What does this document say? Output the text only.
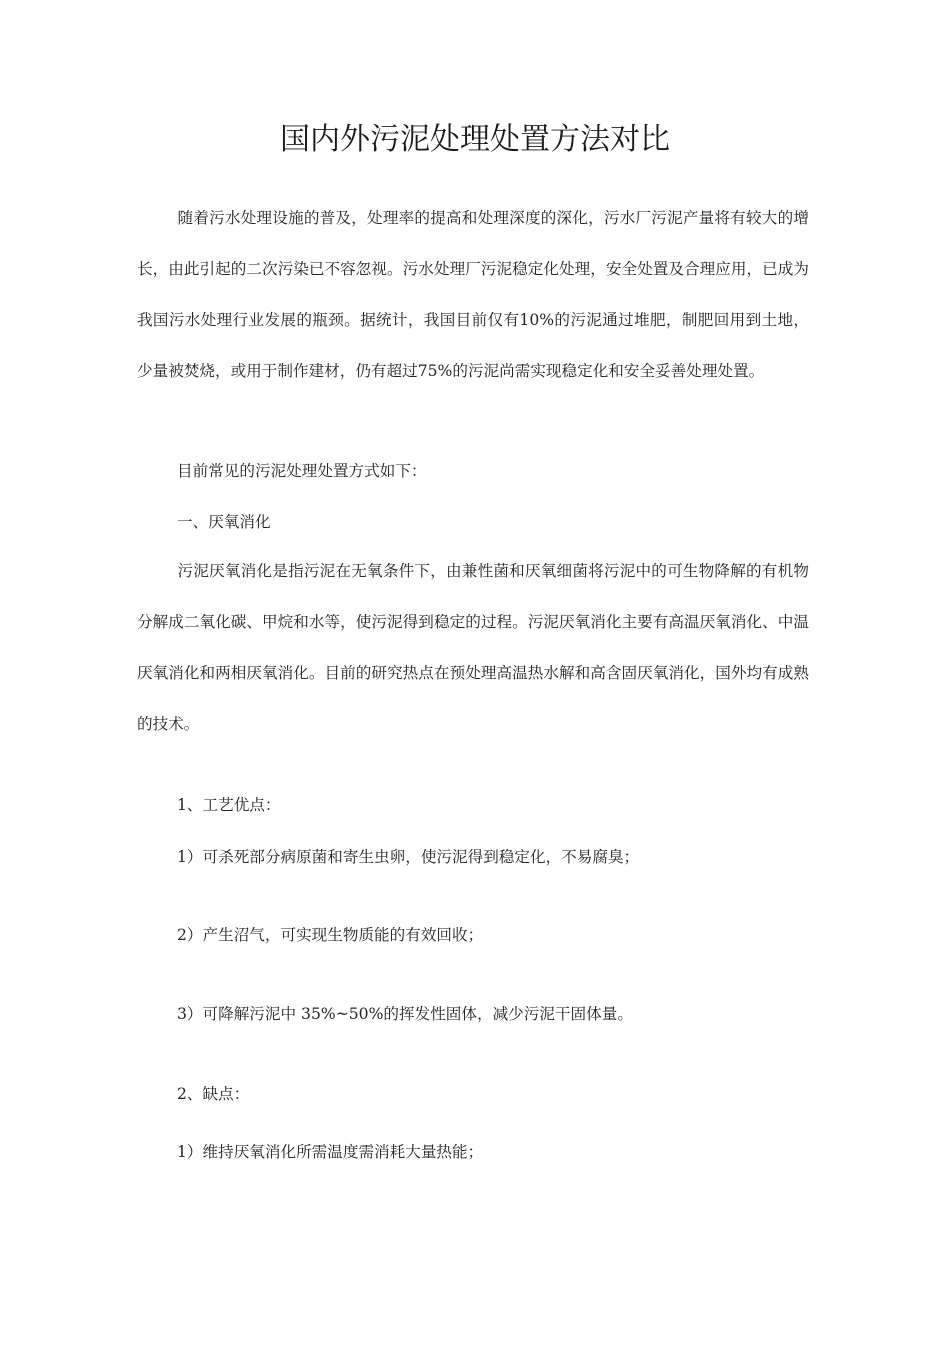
国内外污泥处理处置方法对比

随着污水处理设施的普及，处理率的提高和处理深度的深化，污水厂污泥产量将有较大的增长，由此引起的二次污染已不容忽视。污水处理厂污泥稳定化处理，安全处置及合理应用，已成为我国污水处理行业发展的瓶颈。据统计，我国目前仅有10%的污泥通过堆肥，制肥回用到土地，少量被焚烧，或用于制作建材，仍有超过75%的污泥尚需实现稳定化和安全妥善处理处置。

目前常见的污泥处理处置方式如下：

一、厌氧消化

污泥厌氧消化是指污泥在无氧条件下，由兼性菌和厌氧细菌将污泥中的可生物降解的有机物分解成二氧化碳、甲烷和水等，使污泥得到稳定的过程。污泥厌氧消化主要有高温厌氧消化、中温厌氧消化和两相厌氧消化。目前的研究热点在预处理高温热水解和高含固厌氧消化，国外均有成熟的技术。

1、工艺优点：

1）可杀死部分病原菌和寄生虫卵，使污泥得到稳定化，不易腐臭；

2）产生沼气，可实现生物质能的有效回收；

3）可降解污泥中 35%~50%的挥发性固体，减少污泥干固体量。

2、缺点：

1）维持厌氧消化所需温度需消耗大量热能；
